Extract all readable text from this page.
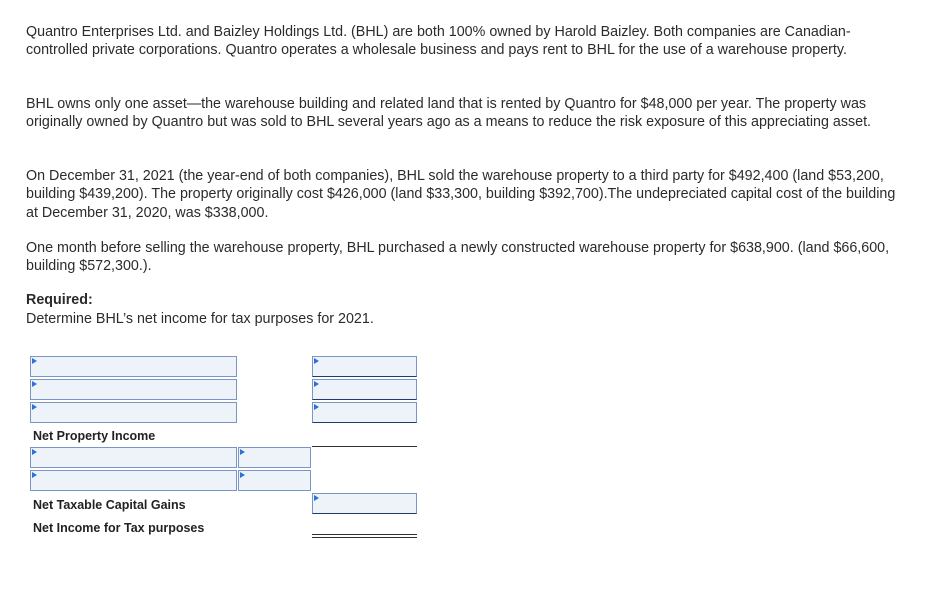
Quantro Enterprises Ltd. and Baizley Holdings Ltd. (BHL) are both 100% owned by Harold Baizley. Both companies are Canadian-controlled private corporations. Quantro operates a wholesale business and pays rent to BHL for the use of a warehouse property.

BHL owns only one asset—the warehouse building and related land that is rented by Quantro for $48,000 per year. The property was originally owned by Quantro but was sold to BHL several years ago as a means to reduce the risk exposure of this appreciating asset.

On December 31, 2021 (the year-end of both companies), BHL sold the warehouse property to a third party for $492,400 (land $53,200, building $439,200). The property originally cost $426,000 (land $33,300, building $392,700).The undepreciated capital cost of the building at December 31, 2020, was $338,000.

One month before selling the warehouse property, BHL purchased a newly constructed warehouse property for $638,900. (land $66,600, building $572,300.).

Required:

Determine BHL’s net income for tax purposes for 2021.

Net Property Income

Net Taxable Capital Gains

Net Income for Tax purposes
